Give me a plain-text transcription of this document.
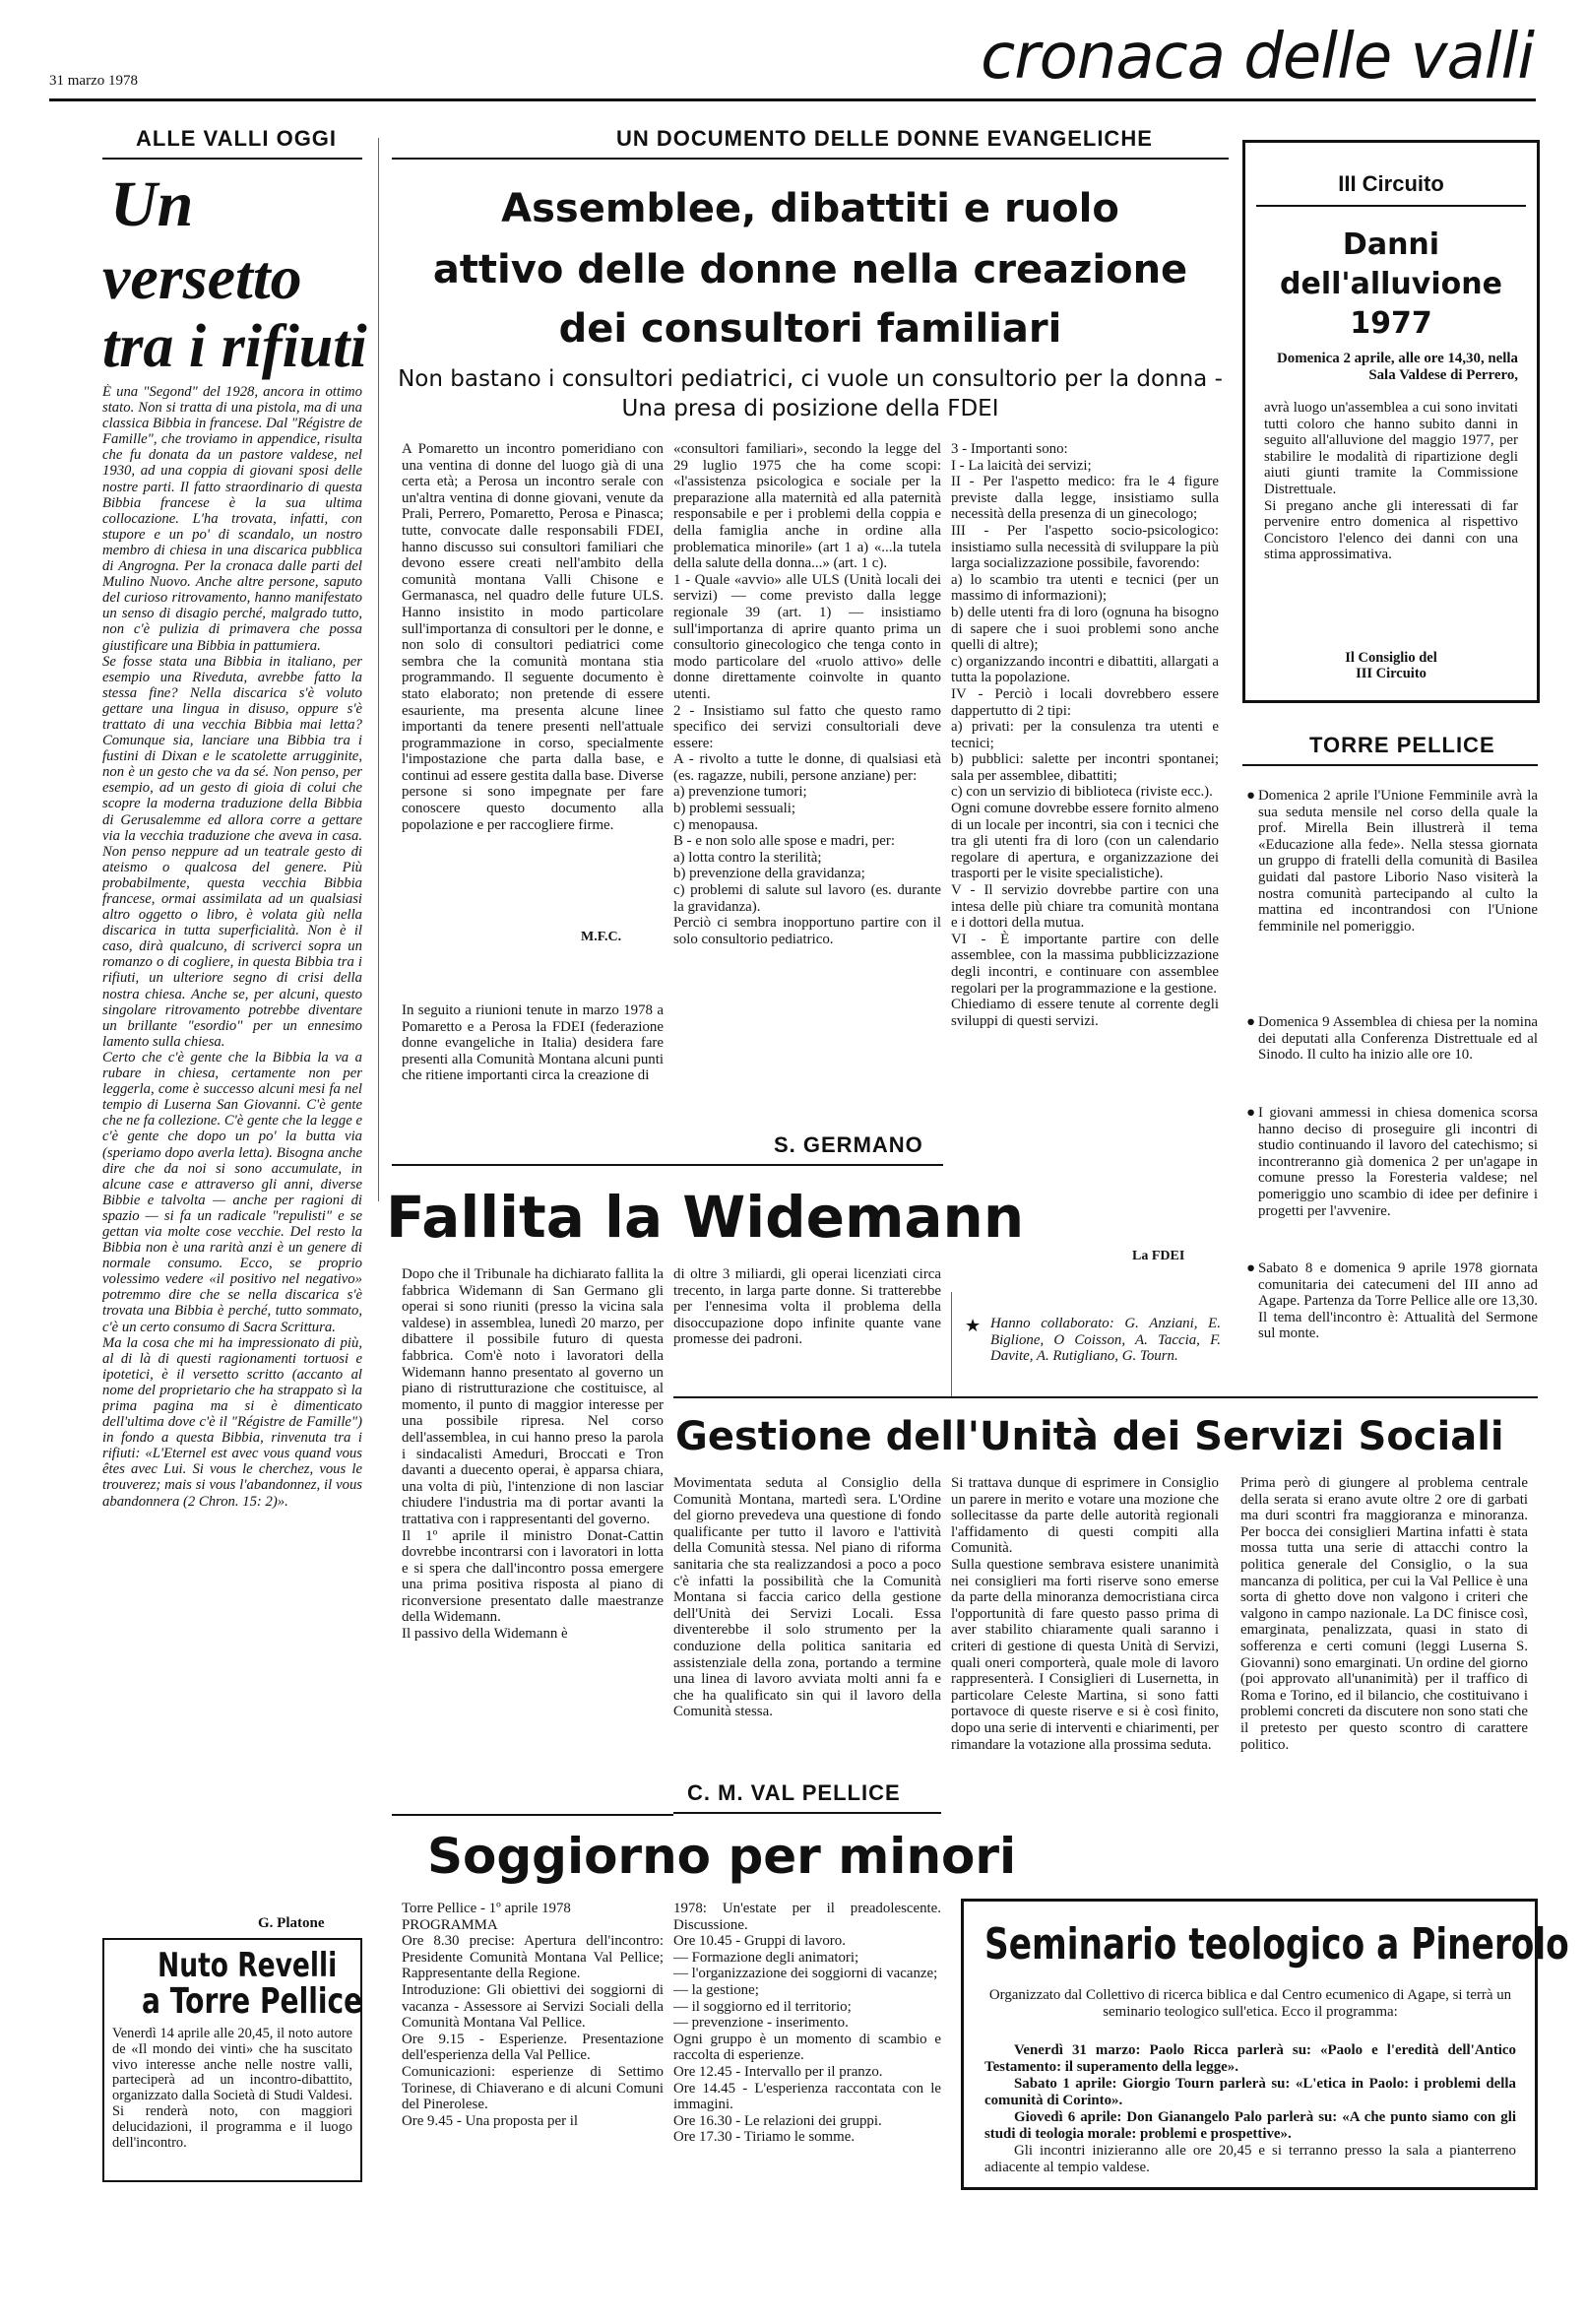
31 marzo 1978	cronaca delle valli
ALLE VALLI OGGI
Un
versetto
tra i rifiuti
È una "Segond" del 1928, ancora in ottimo stato. Non si tratta di una pistola, ma di una classica Bibbia in francese. Dal "Régistre de Famille", che troviamo in appendice, risulta che fu donata da un pastore valdese, nel 1930, ad una coppia di giovani sposi delle nostre parti. Il fatto straordinario di questa Bibbia francese è la sua ultima collocazione. L'ha trovata, infatti, con stupore e un po' di scandalo, un nostro membro di chiesa in una discarica pubblica di Angrogna. Per la cronaca dalle parti del Mulino Nuovo. Anche altre persone, saputo del curioso ritrovamento, hanno manifestato un senso di disagio perché, malgrado tutto, non c'è pulizia di primavera che possa giustificare una Bibbia in pattumiera.
Se fosse stata una Bibbia in italiano, per esempio una Riveduta, avrebbe fatto la stessa fine? Nella discarica s'è voluto gettare una lingua in disuso, oppure s'è trattato di una vecchia Bibbia mai letta? Comunque sia, lanciare una Bibbia tra i fustini di Dixan e le scatolette arrugginite, non è un gesto che va da sé. Non penso, per esempio, ad un gesto di gioia di colui che scopre la moderna traduzione della Bibbia di Gerusalemme ed allora corre a gettare via la vecchia traduzione che aveva in casa. Non penso neppure ad un teatrale gesto di ateismo o qualcosa del genere. Più probabilmente, questa vecchia Bibbia francese, ormai assimilata ad un qualsiasi altro oggetto o libro, è volata giù nella discarica in tutta superficialità. Non è il caso, dirà qualcuno, di scriverci sopra un romanzo o di cogliere, in questa Bibbia tra i rifiuti, un ulteriore segno di crisi della nostra chiesa. Anche se, per alcuni, questo singolare ritrovamento potrebbe diventare un brillante "esordio" per un ennesimo lamento sulla chiesa.
Certo che c'è gente che la Bibbia la va a rubare in chiesa, certamente non per leggerla, come è successo alcuni mesi fa nel tempio di Luserna San Giovanni. C'è gente che ne fa collezione. C'è gente che la legge e c'è gente che dopo un po' la butta via (speriamo dopo averla letta). Bisogna anche dire che da noi si sono accumulate, in alcune case e attraverso gli anni, diverse Bibbie e talvolta — anche per ragioni di spazio — si fa un radicale "repulisti" e se gettan via molte cose vecchie. Del resto la Bibbia non è una rarità anzi è un genere di normale consumo. Ecco, se proprio volessimo vedere «il positivo nel negativo» potremmo dire che se nella discarica s'è trovata una Bibbia è perché, tutto sommato, c'è un certo consumo di Sacra Scrittura.
Ma la cosa che mi ha impressionato di più, al di là di questi ragionamenti tortuosi e ipotetici, è il versetto scritto (accanto al nome del proprietario che ha strappato sì la prima pagina ma si è dimenticato dell'ultima dove c'è il "Régistre de Famille") in fondo a questa Bibbia, rinvenuta tra i rifiuti: «L'Eternel est avec vous quand vous êtes avec Lui. Si vous le cherchez, vous le trouverez; mais si vous l'abandonnez, il vous abandonnera (2 Chron. 15: 2)».
G. Platone
Nuto Revelli
a Torre Pellice
Venerdì 14 aprile alle 20,45, il noto autore de «Il mondo dei vinti» che ha suscitato vivo interesse anche nelle nostre valli, parteciperà ad un incontro-dibattito, organizzato dalla Società di Studi Valdesi. Si renderà noto, con maggiori delucidazioni, il programma e il luogo dell'incontro.
UN DOCUMENTO DELLE DONNE EVANGELICHE
Assemblee, dibattiti e ruolo
attivo delle donne nella creazione
dei consultori familiari
Non bastano i consultori pediatrici, ci vuole un consultorio per la donna - Una presa di posizione della FDEI
A Pomaretto un incontro pomeridiano con una ventina di donne del luogo già di una certa età; a Perosa un incontro serale con un'altra ventina di donne giovani, venute da Prali, Perrero, Pomaretto, Perosa e Pinasca; tutte, convocate dalle responsabili FDEI, hanno discusso sui consultori familiari che devono essere creati nell'ambito della comunità montana Valli Chisone e Germanasca, nel quadro delle future ULS. Hanno insistito in modo particolare sull'importanza di consultori per le donne, e non solo di consultori pediatrici come sembra che la comunità montana stia programmando. Il seguente documento è stato elaborato; non pretende di essere esauriente, ma presenta alcune linee importanti da tenere presenti nell'attuale programmazione in corso, specialmente l'impostazione che parta dalla base, e continui ad essere gestita dalla base. Diverse persone si sono impegnate per fare conoscere questo documento alla popolazione e per raccogliere firme.
M.F.C.
In seguito a riunioni tenute in marzo 1978 a Pomaretto e a Perosa la FDEI (federazione donne evangeliche in Italia) desidera fare presenti alla Comunità Montana alcuni punti che ritiene importanti circa la creazione di
«consultori familiari», secondo la legge del 29 luglio 1975 che ha come scopi: «l'assistenza psicologica e sociale per la preparazione alla maternità ed alla paternità responsabile e per i problemi della coppia e della famiglia anche in ordine alla problematica minorile» (art 1 a) «...la tutela della salute della donna...» (art. 1 c).
1 - Quale «avvio» alle ULS (Unità locali dei servizi) — come previsto dalla legge regionale 39 (art. 1) — insistiamo sull'importanza di aprire quanto prima un consultorio ginecologico che tenga conto in modo particolare del «ruolo attivo» delle donne direttamente coinvolte in quanto utenti.
2 - Insistiamo sul fatto che questo ramo specifico dei servizi consultoriali deve essere:
A - rivolto a tutte le donne, di qualsiasi età (es. ragazze, nubili, persone anziane) per:
a) prevenzione tumori;
b) problemi sessuali;
c) menopausa.
B - e non solo alle spose e madri, per:
a) lotta contro la sterilità;
b) prevenzione della gravidanza;
c) problemi di salute sul lavoro (es. durante la gravidanza).
Perciò ci sembra inopportuno partire con il solo consultorio pediatrico.
3 - Importanti sono:
I - La laicità dei servizi;
II - Per l'aspetto medico: fra le 4 figure previste dalla legge, insistiamo sulla necessità della presenza di un ginecologo;
III - Per l'aspetto socio-psicologico: insistiamo sulla necessità di sviluppare la più larga socializzazione possibile, favorendo:
a) lo scambio tra utenti e tecnici (per un massimo di informazioni);
b) delle utenti fra di loro (ognuna ha bisogno di sapere che i suoi problemi sono anche quelli di altre);
c) organizzando incontri e dibattiti, allargati a tutta la popolazione.
IV - Perciò i locali dovrebbero essere dappertutto di 2 tipi:
a) privati: per la consulenza tra utenti e tecnici;
b) pubblici: salette per incontri spontanei; sala per assemblee, dibattiti;
c) con un servizio di biblioteca (riviste ecc.).
Ogni comune dovrebbe essere fornito almeno di un locale per incontri, sia con i tecnici che tra gli utenti fra di loro (con un calendario regolare di apertura, e organizzazione dei trasporti per le visite specialistiche).
V - Il servizio dovrebbe partire con una intesa delle più chiare tra comunità montana e i dottori della mutua.
VI - È importante partire con delle assemblee, con la massima pubblicizzazione degli incontri, e continuare con assemblee regolari per la programmazione e la gestione.
Chiediamo di essere tenute al corrente degli sviluppi di questi servizi.
La FDEI
S. GERMANO
III Circuito
Danni
dell'alluvione
1977
Domenica 2 aprile, alle ore 14,30, nella Sala Valdese di Perrero,
avrà luogo un'assemblea a cui sono invitati tutti coloro che hanno subito danni in seguito all'alluvione del maggio 1977, per stabilire le modalità di ripartizione degli aiuti giunti tramite la Commissione Distrettuale.
Si pregano anche gli interessati di far pervenire entro domenica al rispettivo Concistoro l'elenco dei danni con una stima approssimativa.
Il Consiglio del
III Circuito
TORRE PELLICE
● Domenica 2 aprile l'Unione Femminile avrà la sua seduta mensile nel corso della quale la prof. Mirella Bein illustrerà il tema «Educazione alla fede». Nella stessa giornata un gruppo di fratelli della comunità di Basilea guidati dal pastore Liborio Naso visiterà la nostra comunità partecipando al culto la mattina ed incontrandosi con l'Unione femminile nel pomeriggio.
● Domenica 9 Assemblea di chiesa per la nomina dei deputati alla Conferenza Distrettuale ed al Sinodo. Il culto ha inizio alle ore 10.
● I giovani ammessi in chiesa domenica scorsa hanno deciso di proseguire gli incontri di studio continuando il lavoro del catechismo; si incontreranno già domenica 2 per un'agape in comune presso la Foresteria valdese; nel pomeriggio uno scambio di idee per definire i progetti per l'avvenire.
● Sabato 8 e domenica 9 aprile 1978 giornata comunitaria dei catecumeni del III anno ad Agape. Partenza da Torre Pellice alle ore 13,30. Il tema dell'incontro è: Attualità del Sermone sul monte.
Fallita la Widemann
Dopo che il Tribunale ha dichiarato fallita la fabbrica Widemann di San Germano gli operai si sono riuniti (presso la vicina sala valdese) in assemblea, lunedì 20 marzo, per dibattere il possibile futuro di questa fabbrica. Com'è noto i lavoratori della Widemann hanno presentato al governo un piano di ristrutturazione che costituisce, al momento, il punto di maggior interesse per una possibile ripresa. Nel corso dell'assemblea, in cui hanno preso la parola i sindacalisti Ameduri, Broccati e Tron davanti a duecento operai, è apparsa chiara, una volta di più, l'intenzione di non lasciar chiudere l'industria ma di portar avanti la trattativa con i rappresentanti del governo.
Il 1º aprile il ministro Donat-Cattin dovrebbe incontrarsi con i lavoratori in lotta e si spera che dall'incontro possa emergere una prima positiva risposta al piano di riconversione presentato dalle maestranze della Widemann.
Il passivo della Widemann è
di oltre 3 miliardi, gli operai licenziati circa trecento, in larga parte donne. Si tratterebbe per l'ennesima volta il problema della disoccupazione dopo infinite quante vane promesse dei padroni.
★ Hanno collaborato: G. Anziani, E. Biglione, O Coisson, A. Taccia, F. Davite, A. Rutigliano, G. Tourn.
Gestione dell'Unità dei Servizi Sociali
Movimentata seduta al Consiglio della Comunità Montana, martedì sera. L'Ordine del giorno prevedeva una questione di fondo qualificante per tutto il lavoro e l'attività della Comunità stessa. Nel piano di riforma sanitaria che sta realizzandosi a poco a poco c'è infatti la possibilità che la Comunità Montana si faccia carico della gestione dell'Unità dei Servizi Locali. Essa diventerebbe il solo strumento per la conduzione della politica sanitaria ed assistenziale della zona, portando a termine una linea di lavoro avviata molti anni fa e che ha qualificato sin qui il lavoro della Comunità stessa.
Si trattava dunque di esprimere in Consiglio un parere in merito e votare una mozione che sollecitasse da parte delle autorità regionali l'affidamento di questi compiti alla Comunità.
Sulla questione sembrava esistere unanimità nei consiglieri ma forti riserve sono emerse da parte della minoranza democristiana circa l'opportunità di fare questo passo prima di aver stabilito chiaramente quali saranno i criteri di gestione di questa Unità di Servizi, quali oneri comporterà, quale mole di lavoro rappresenterà. I Consiglieri di Lusernetta, in particolare Celeste Martina, si sono fatti portavoce di queste riserve e si è così finito, dopo una serie di interventi e chiarimenti, per rimandare la votazione alla prossima seduta.
Prima però di giungere al problema centrale della serata si erano avute oltre 2 ore di garbati ma duri scontri fra maggioranza e minoranza. Per bocca dei consiglieri Martina infatti è stata mossa tutta una serie di attacchi contro la politica generale del Consiglio, o la sua mancanza di politica, per cui la Val Pellice è una sorta di ghetto dove non valgono i criteri che valgono in campo nazionale. La DC finisce così, emarginata, penalizzata, quasi in stato di sofferenza e certi comuni (leggi Luserna S. Giovanni) sono emarginati. Un ordine del giorno (poi approvato all'unanimità) per il traffico di Roma e Torino, ed il bilancio, che costituivano i problemi concreti da discutere non sono stati che il pretesto per questo scontro di carattere politico.
C. M. VAL PELLICE
Soggiorno per minori
Torre Pellice - 1º aprile 1978
PROGRAMMA
Ore 8.30 precise: Apertura dell'incontro: Presidente Comunità Montana Val Pellice; Rappresentante della Regione.
Introduzione: Gli obiettivi dei soggiorni di vacanza - Assessore ai Servizi Sociali della Comunità Montana Val Pellice.
Ore 9.15 - Esperienze. Presentazione dell'esperienza della Val Pellice.
Comunicazioni: esperienze di Settimo Torinese, di Chiaverano e di alcuni Comuni del Pinerolese.
Ore 9.45 - Una proposta per il
1978: Un'estate per il preadolescente. Discussione.
Ore 10.45 - Gruppi di lavoro.
— Formazione degli animatori;
— l'organizzazione dei soggiorni di vacanze;
— la gestione;
— il soggiorno ed il territorio;
— prevenzione - inserimento.
Ogni gruppo è un momento di scambio e raccolta di esperienze.
Ore 12.45 - Intervallo per il pranzo.
Ore 14.45 - L'esperienza raccontata con le immagini.
Ore 16.30 - Le relazioni dei gruppi.
Ore 17.30 - Tiriamo le somme.
Seminario teologico a Pinerolo
Organizzato dal Collettivo di ricerca biblica e dal Centro ecumenico di Agape, si terrà un seminario teologico sull'etica. Ecco il programma:
Venerdì 31 marzo: Paolo Ricca parlerà su: «Paolo e l'eredità dell'Antico Testamento: il superamento della legge».
Sabato 1 aprile: Giorgio Tourn parlerà su: «L'etica in Paolo: i problemi della comunità di Corinto».
Giovedì 6 aprile: Don Gianangelo Palo parlerà su: «A che punto siamo con gli studi di teologia morale: problemi e prospettive».
Gli incontri inizieranno alle ore 20,45 e si terranno presso la sala a pianterreno adiacente al tempio valdese.
